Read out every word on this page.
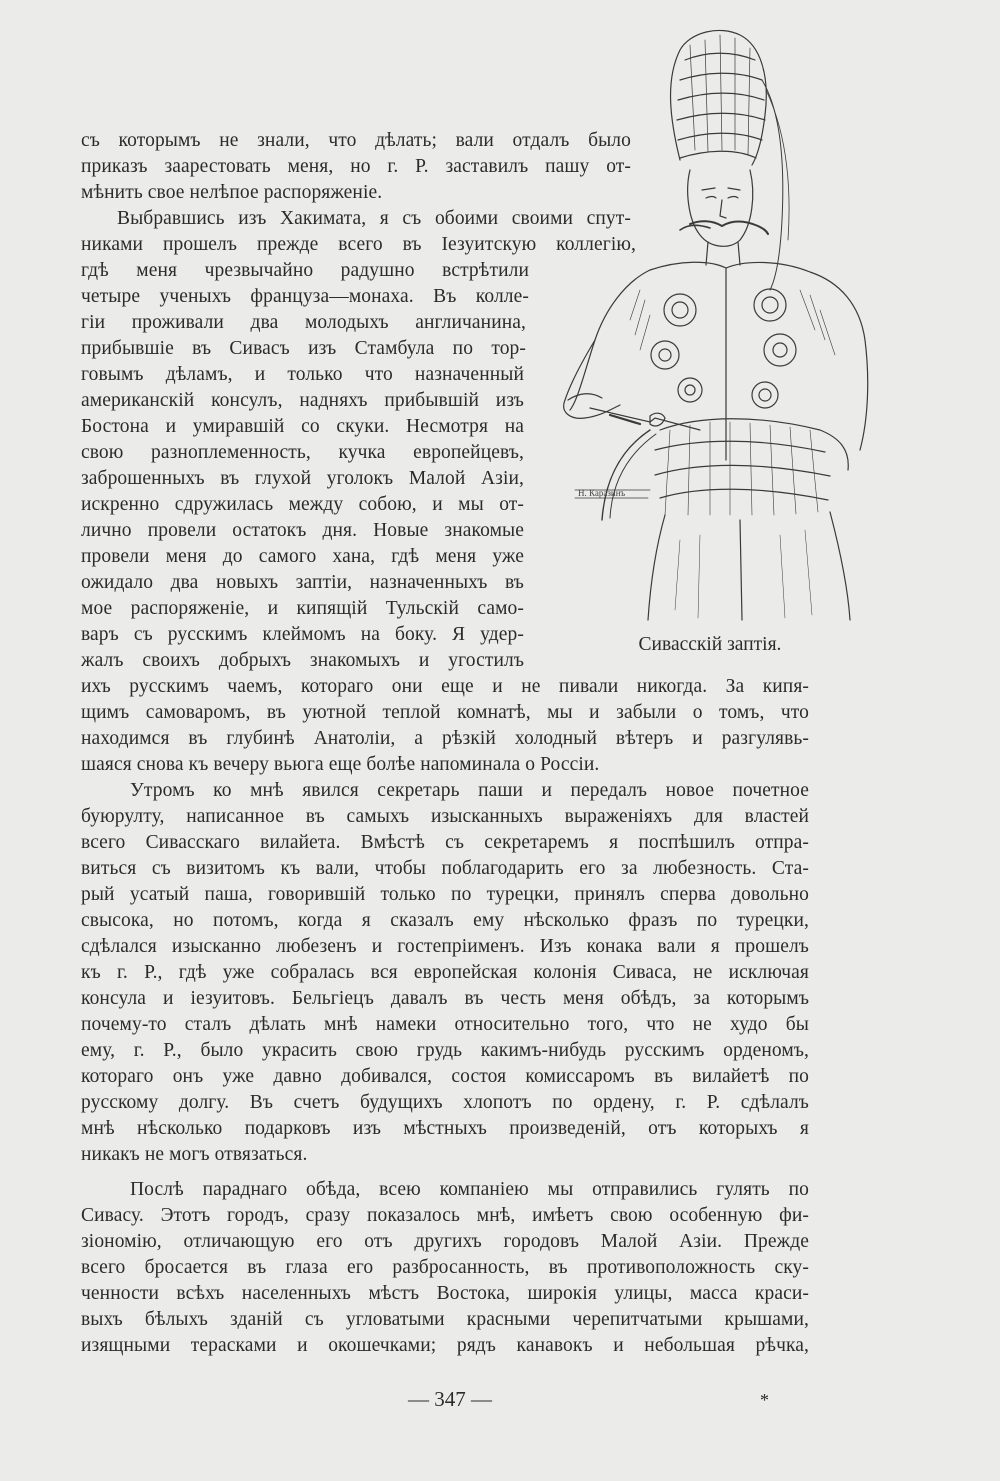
Н. Каразинъ
Сивасскій заптія.
съ которымъ не знали, что дѣлать; вали отдалъ было
приказъ заарестовать меня, но г. Р. заставилъ пашу от-
мѣнить свое нелѣпое распоряженіе.
Выбравшись изъ Хакимата, я съ обоими своими спут-
никами прошелъ прежде всего въ Іезуитскую коллегію,
гдѣ меня чрезвычайно радушно встрѣтили
четыре ученыхъ француза—монаха. Въ колле-
гіи проживали два молодыхъ англичанина,
прибывшіе въ Сивасъ изъ Стамбула по тор-
говымъ дѣламъ, и только что назначенный
американскій консулъ, надняхъ прибывшій изъ
Бостона и умиравшій со скуки. Несмотря на
свою разноплеменность, кучка европейцевъ,
заброшенныхъ въ глухой уголокъ Малой Азіи,
искренно сдружилась между собою, и мы от-
лично провели остатокъ дня. Новые знакомые
провели меня до самого хана, гдѣ меня уже
ожидало два новыхъ заптіи, назначенныхъ въ
мое распоряженіе, и кипящій Тульскій само-
варъ съ русскимъ клеймомъ на боку. Я удер-
жалъ своихъ добрыхъ знакомыхъ и угостилъ
ихъ русскимъ чаемъ, котораго они еще и не пивали никогда. За кипя-
щимъ самоваромъ, въ уютной теплой комнатѣ, мы и забыли о томъ, что
находимся въ глубинѣ Анатоліи, а рѣзкій холодный вѣтеръ и разгулявь-
шаяся снова къ вечеру вьюга еще болѣе напоминала о Россіи.
Утромъ ко мнѣ явился секретарь паши и передалъ новое почетное
буюрулту, написанное въ самыхъ изысканныхъ выраженіяхъ для властей
всего Сивасскаго вилайета. Вмѣстѣ съ секретаремъ я поспѣшилъ отпра-
виться съ визитомъ къ вали, чтобы поблагодарить его за любезность. Ста-
рый усатый паша, говорившій только по турецки, принялъ сперва довольно
свысока, но потомъ, когда я сказалъ ему нѣсколько фразъ по турецки,
сдѣлался изысканно любезенъ и гостепріименъ. Изъ конака вали я прошелъ
къ г. Р., гдѣ уже собралась вся европейская колонія Сиваса, не исключая
консула и іезуитовъ. Бельгіецъ давалъ въ честь меня обѣдъ, за которымъ
почему-то сталъ дѣлать мнѣ намеки относительно того, что не худо бы
ему, г. Р., было украсить свою грудь какимъ-нибудь русскимъ орденомъ,
котораго онъ уже давно добивался, состоя комиссаромъ въ вилайетѣ по
русскому долгу. Въ счетъ будущихъ хлопотъ по ордену, г. Р. сдѣлалъ
мнѣ нѣсколько подарковъ изъ мѣстныхъ произведеній, отъ которыхъ я
никакъ не могъ отвязаться.
Послѣ параднаго обѣда, всею компаніею мы отправились гулять по
Сивасу. Этотъ городъ, сразу показалось мнѣ, имѣетъ свою особенную фи-
зіономію, отличающую его отъ другихъ городовъ Малой Азіи. Прежде
всего бросается въ глаза его разбросанность, въ противоположность ску-
ченности всѣхъ населенныхъ мѣстъ Востока, широкія улицы, масса краси-
выхъ бѣлыхъ зданій съ угловатыми красными черепитчатыми крышами,
изящными терасками и окошечками; рядъ канавокъ и небольшая рѣчка,
— 347 —	*
